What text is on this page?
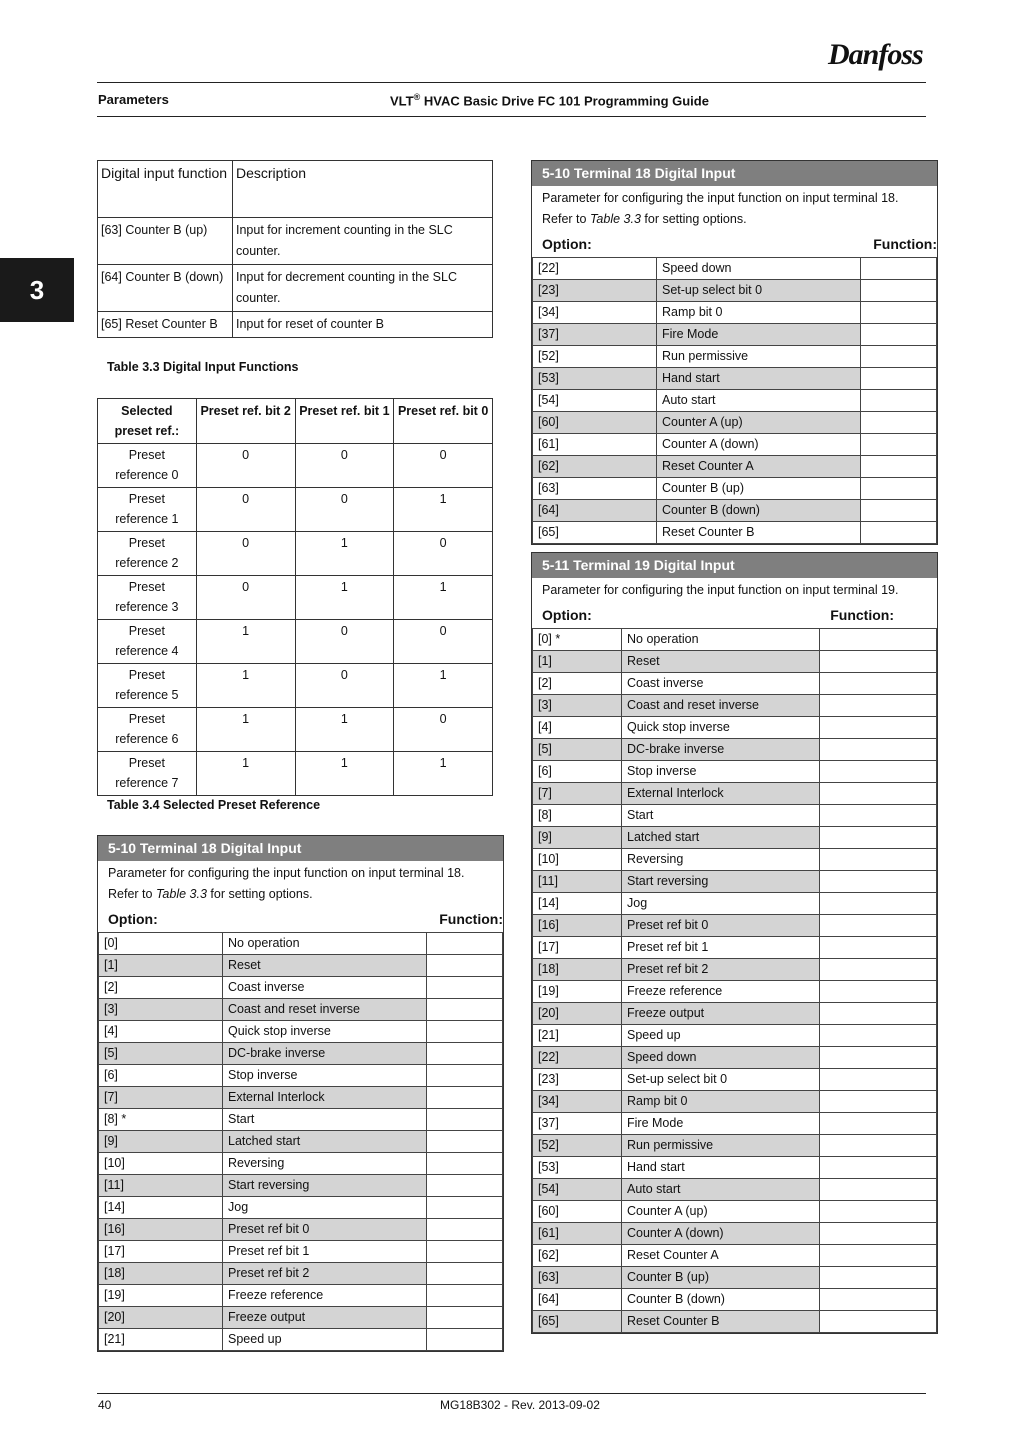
Danfoss
Parameters	VLT® HVAC Basic Drive FC 101 Programming Guide
3
Digital input function	Description
[63] Counter B (up)	Input for increment counting in the SLC counter.
[64] Counter B (down)	Input for decrement counting in the SLC counter.
[65] Reset Counter B	Input for reset of counter B
Table 3.3 Digital Input Functions
Selected preset ref.:	Preset ref. bit 2	Preset ref. bit 1	Preset ref. bit 0
Preset reference 0	0	0	0
Preset reference 1	0	0	1
Preset reference 2	0	1	0
Preset reference 3	0	1	1
Preset reference 4	1	0	0
Preset reference 5	1	0	1
Preset reference 6	1	1	0
Preset reference 7	1	1	1
Table 3.4 Selected Preset Reference
5-10 Terminal 18 Digital Input
Parameter for configuring the input function on input terminal 18. Refer to Table 3.3 for setting options.
Option:	Function:
[22]	Speed down	
[23]	Set-up select bit 0	
[34]	Ramp bit 0	
[37]	Fire Mode	
[52]	Run permissive	
[53]	Hand start	
[54]	Auto start	
[60]	Counter A (up)	
[61]	Counter A (down)	
[62]	Reset Counter A	
[63]	Counter B (up)	
[64]	Counter B (down)	
[65]	Reset Counter B	
5-11 Terminal 19 Digital Input
Parameter for configuring the input function on input terminal 19.
Option:	Function:
[0] *	No operation	
[1]	Reset	
[2]	Coast inverse	
[3]	Coast and reset inverse	
[4]	Quick stop inverse	
[5]	DC-brake inverse	
[6]	Stop inverse	
[7]	External Interlock	
[8]	Start	
[9]	Latched start	
[10]	Reversing	
[11]	Start reversing	
[14]	Jog	
[16]	Preset ref bit 0	
[17]	Preset ref bit 1	
[18]	Preset ref bit 2	
[19]	Freeze reference	
[20]	Freeze output	
[21]	Speed up	
[22]	Speed down	
[23]	Set-up select bit 0	
[34]	Ramp bit 0	
[37]	Fire Mode	
[52]	Run permissive	
[53]	Hand start	
[54]	Auto start	
[60]	Counter A (up)	
[61]	Counter A (down)	
[62]	Reset Counter A	
[63]	Counter B (up)	
[64]	Counter B (down)	
[65]	Reset Counter B	
5-10 Terminal 18 Digital Input
Parameter for configuring the input function on input terminal 18. Refer to Table 3.3 for setting options.
Option:	Function:
[0]	No operation	
[1]	Reset	
[2]	Coast inverse	
[3]	Coast and reset inverse	
[4]	Quick stop inverse	
[5]	DC-brake inverse	
[6]	Stop inverse	
[7]	External Interlock	
[8] *	Start	
[9]	Latched start	
[10]	Reversing	
[11]	Start reversing	
[14]	Jog	
[16]	Preset ref bit 0	
[17]	Preset ref bit 1	
[18]	Preset ref bit 2	
[19]	Freeze reference	
[20]	Freeze output	
[21]	Speed up	
40	MG18B302 - Rev. 2013-09-02
